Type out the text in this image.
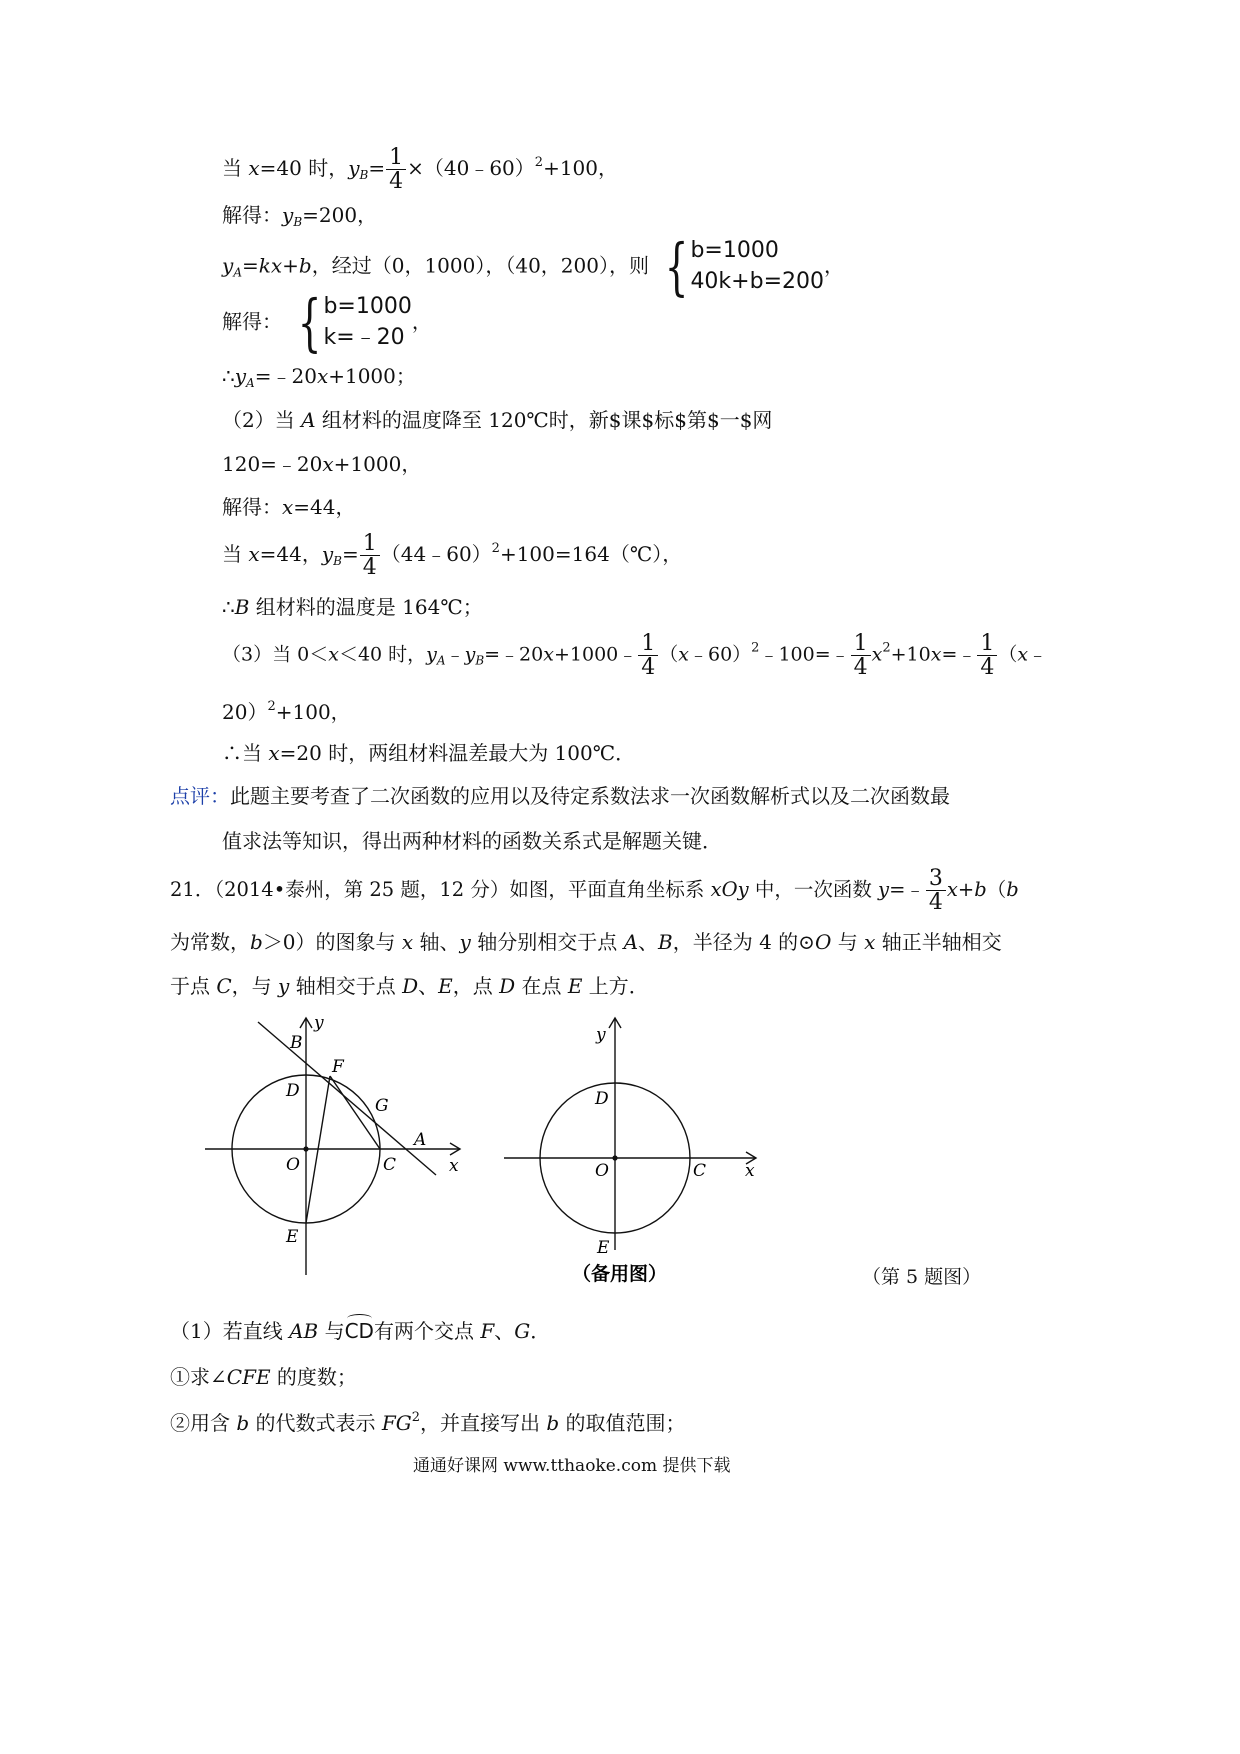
当 x=40 时，$y_B= \frac{1}{4}$ ×（40﹣60）$^2$+100，
解得：$y_B=200$，
$y_A=kx+b$，经过（0，1000），（40，200），则 { b=1000
40k+b=200
，
解得： { b=1000
k=﹣20
，
$\therefore y_A=﹣20x+1000$；
（2）当 A 组材料的温度降至 120℃时，新$课$标$第$一$网
120=﹣20x+1000，
解得：x=44，
当 x=44，$y_B= \frac{1}{4}$ （44﹣60）$^2$+100=164（℃），
∴B 组材料的温度是 164℃；
（3）当 0＜x＜40 时，$y_A﹣y_B=﹣20x+1000﹣ \frac{1}{4}$ （x﹣60）$^2$﹣100=﹣ $\frac{1}{4}$ $x^2+10x=﹣ \frac{1}{4}$ （x﹣
20）$^2$+100，
∴当 x=20 时，两组材料温差最大为 100℃．
点评：此题主要考查了二次函数的应用以及待定系数法求一次函数解析式以及二次函数最
值求法等知识，得出两种材料的函数关系式是解题关键．
21．（2014•泰州，第 25 题，12 分）如图，平面直角坐标系 xOy 中，一次函数 y=﹣ $\frac{3}{4} x+b(b$
为常数，b＞0）的图象与 x 轴、y 轴分别相交于点 A、B，半径为 4 的⊙O 与 x 轴正半轴相交
于点 C，与 y 轴相交于点 D、E，点 D 在点 E 上方．
y
B
F
D
G
A
O	C	x
E
y
D
O	C x
E
（备用图）	（第 5 题图）
（1）若直线 AB 与CD有两个交点 F、G．
①求∠CFE 的度数；
②用含 b 的代数式表示 $FG^2$，并直接写出 b 的取值范围；
通通好课网 www.tthaoke.com 提供下载
